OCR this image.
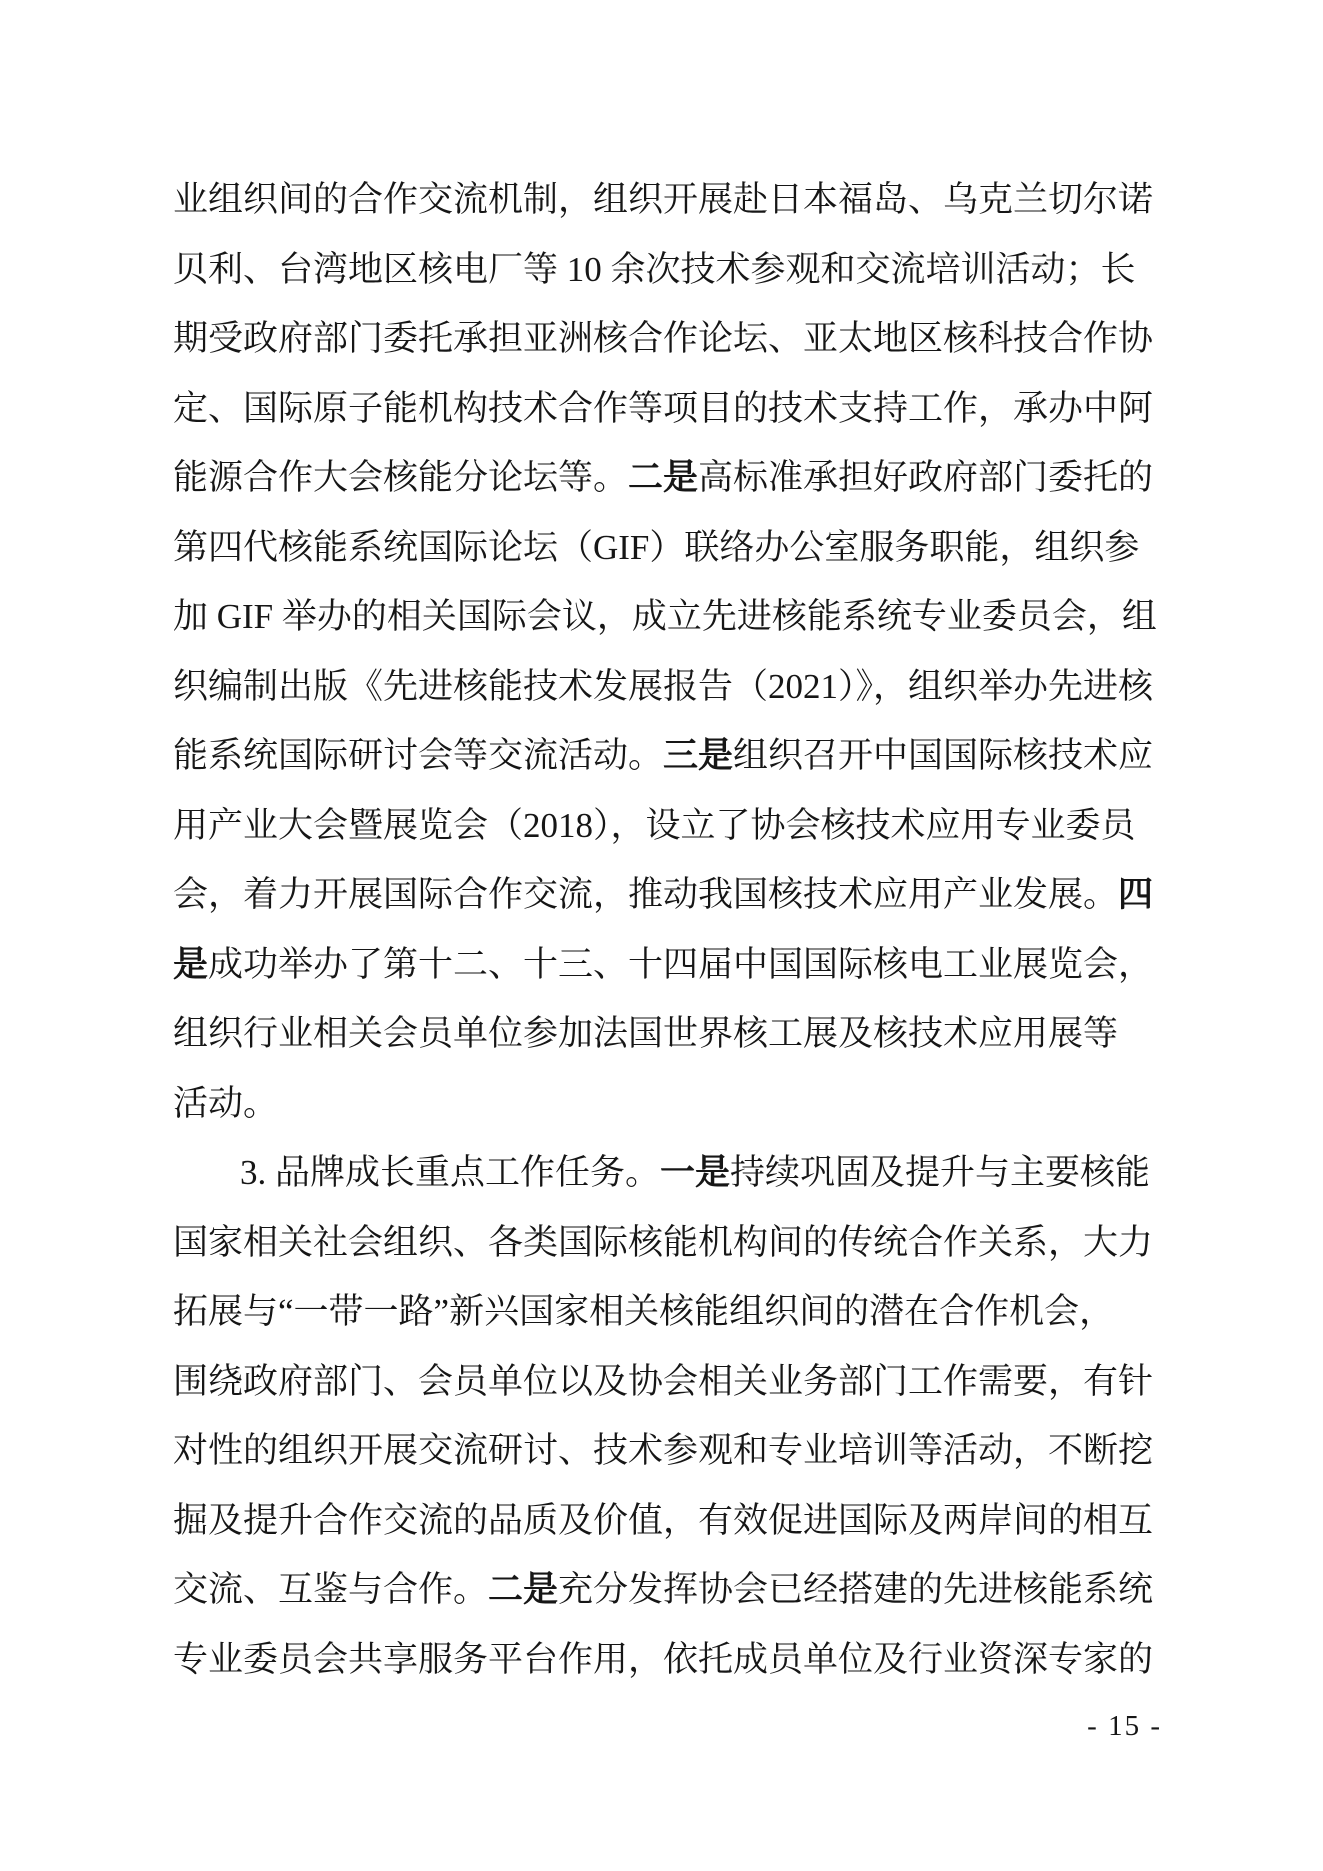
业组织间的合作交流机制，组织开展赴日本福岛、乌克兰切尔诺
贝利、台湾地区核电厂等 10 余次技术参观和交流培训活动；长
期受政府部门委托承担亚洲核合作论坛、亚太地区核科技合作协
定、国际原子能机构技术合作等项目的技术支持工作，承办中阿
能源合作大会核能分论坛等。二是高标准承担好政府部门委托的
第四代核能系统国际论坛（GIF）联络办公室服务职能，组织参
加 GIF 举办的相关国际会议，成立先进核能系统专业委员会，组
织编制出版《先进核能技术发展报告（2021）》，组织举办先进核
能系统国际研讨会等交流活动。三是组织召开中国国际核技术应
用产业大会暨展览会（2018），设立了协会核技术应用专业委员
会，着力开展国际合作交流，推动我国核技术应用产业发展。四
是成功举办了第十二、十三、十四届中国国际核电工业展览会，
组织行业相关会员单位参加法国世界核工展及核技术应用展等
活动。
3. 品牌成长重点工作任务。一是持续巩固及提升与主要核能
国家相关社会组织、各类国际核能机构间的传统合作关系，大力
拓展与“一带一路”新兴国家相关核能组织间的潜在合作机会，
围绕政府部门、会员单位以及协会相关业务部门工作需要，有针
对性的组织开展交流研讨、技术参观和专业培训等活动，不断挖
掘及提升合作交流的品质及价值，有效促进国际及两岸间的相互
交流、互鉴与合作。二是充分发挥协会已经搭建的先进核能系统
专业委员会共享服务平台作用，依托成员单位及行业资深专家的
- 15 -
